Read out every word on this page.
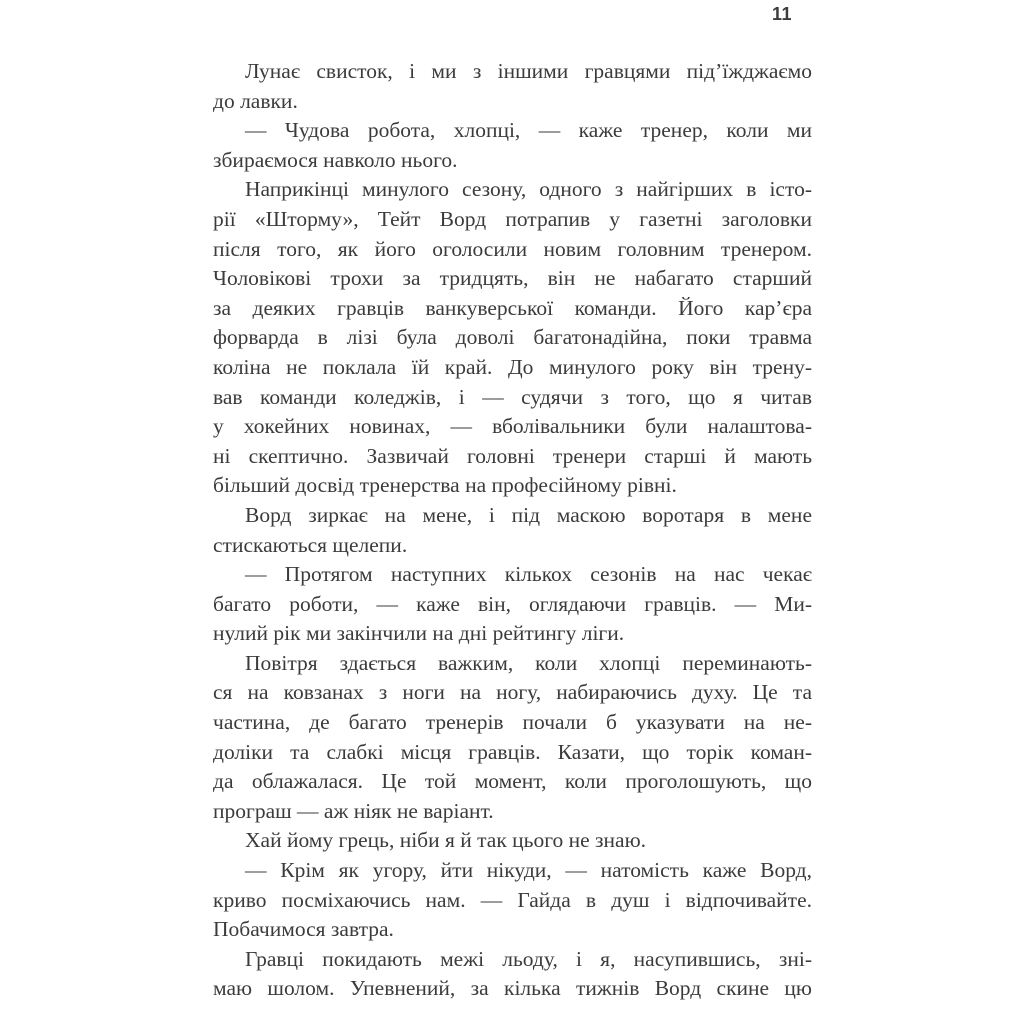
11
Лунає свисток, і ми з іншими гравцями під’їжджаємо
до лавки.
— Чудова робота, хлопці, — каже тренер, коли ми
збираємося навколо нього.
Наприкінці минулого сезону, одного з найгірших в істо-
рії «Шторму», Тейт Ворд потрапив у газетні заголовки
після того, як його оголосили новим головним тренером.
Чоловікові трохи за тридцять, він не набагато старший
за деяких гравців ванкуверської команди. Його кар’єра
форварда в лізі була доволі багатонадійна, поки травма
коліна не поклала їй край. До минулого року він трену-
вав команди коледжів, і — судячи з того, що я читав
у хокейних новинах, — вболівальники були налаштова-
ні скептично. Зазвичай головні тренери старші й мають
більший досвід тренерства на професійному рівні.
Ворд зиркає на мене, і під маскою воротаря в мене
стискаються щелепи.
— Протягом наступних кількох сезонів на нас чекає
багато роботи, — каже він, оглядаючи гравців. — Ми-
нулий рік ми закінчили на дні рейтингу ліги.
Повітря здається важким, коли хлопці переминають-
ся на ковзанах з ноги на ногу, набираючись духу. Це та
частина, де багато тренерів почали б указувати на не-
доліки та слабкі місця гравців. Казати, що торік коман-
да облажалася. Це той момент, коли проголошують, що
програш — аж ніяк не варіант.
Хай йому грець, ніби я й так цього не знаю.
— Крім як угору, йти нікуди, — натомість каже Ворд,
криво посміхаючись нам. — Гайда в душ і відпочивайте.
Побачимося завтра.
Гравці покидають межі льоду, і я, насупившись, зні-
маю шолом. Упевнений, за кілька тижнів Ворд скине цю
